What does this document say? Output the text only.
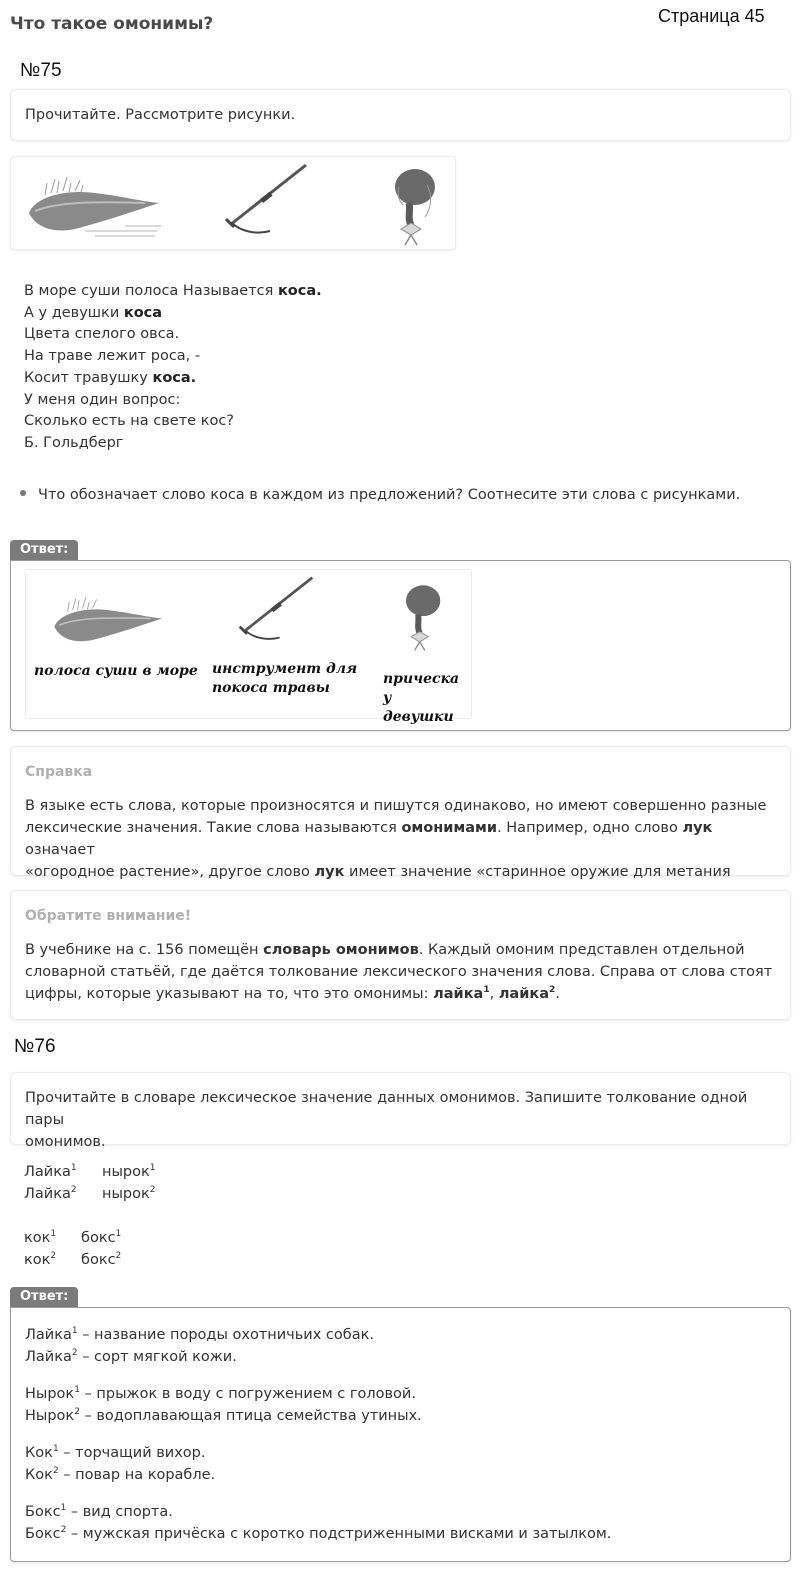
Что такое омонимы?	Страница 45
№75
Прочитайте. Рассмотрите рисунки.
В море суши полоса Называется коса.
А у девушки коса
Цвета спелого овса.
На траве лежит роса, -
Косит травушку коса.
У меня один вопрос:
Сколько есть на свете кос?
Б. Гольдберг
Что обозначает слово коса в каждом из предложений? Соотнесите эти слова с рисунками.
Ответ:
полоса суши в море инструмент для
покоса травы
прическа у
девушки
Справка
В языке есть слова, которые произносятся и пишутся одинаково, но имеют совершенно разные
лексические значения. Такие слова называются омонимами. Например, одно слово лук означает
«огородное растение», другое слово лук имеет значение «старинное оружие для метания
Обратите внимание!
В учебнике на с. 156 помещён словарь омонимов. Каждый омоним представлен отдельной
словарной статьёй, где даётся толкование лексического значения слова. Справа от слова стоят
цифры, которые указывают на то, что это омонимы: лайка$^1$, лайка$^2$.
№76
Прочитайте в словаре лексическое значение данных омонимов. Запишите толкование одной пары
омонимов.
Лайка$^1$ нырок$^1$
Лайка$^2$ нырок$^2$
кок$^1$ бокс$^1$
кок$^2$ бокс$^2$
Ответ:
Лайка$^1$ – название породы охотничьих собак.
Лайка$^2$ – сорт мягкой кожи.
Нырок$^1$ – прыжок в воду с погружением с головой.
Нырок$^2$ – водоплавающая птица семейства утиных.
Кок$^1$ – торчащий вихор.
Кок$^2$ – повар на корабле.
Бокс$^1$ – вид спорта.
Бокс$^2$ – мужская причёска с коротко подстриженными висками и затылком.
